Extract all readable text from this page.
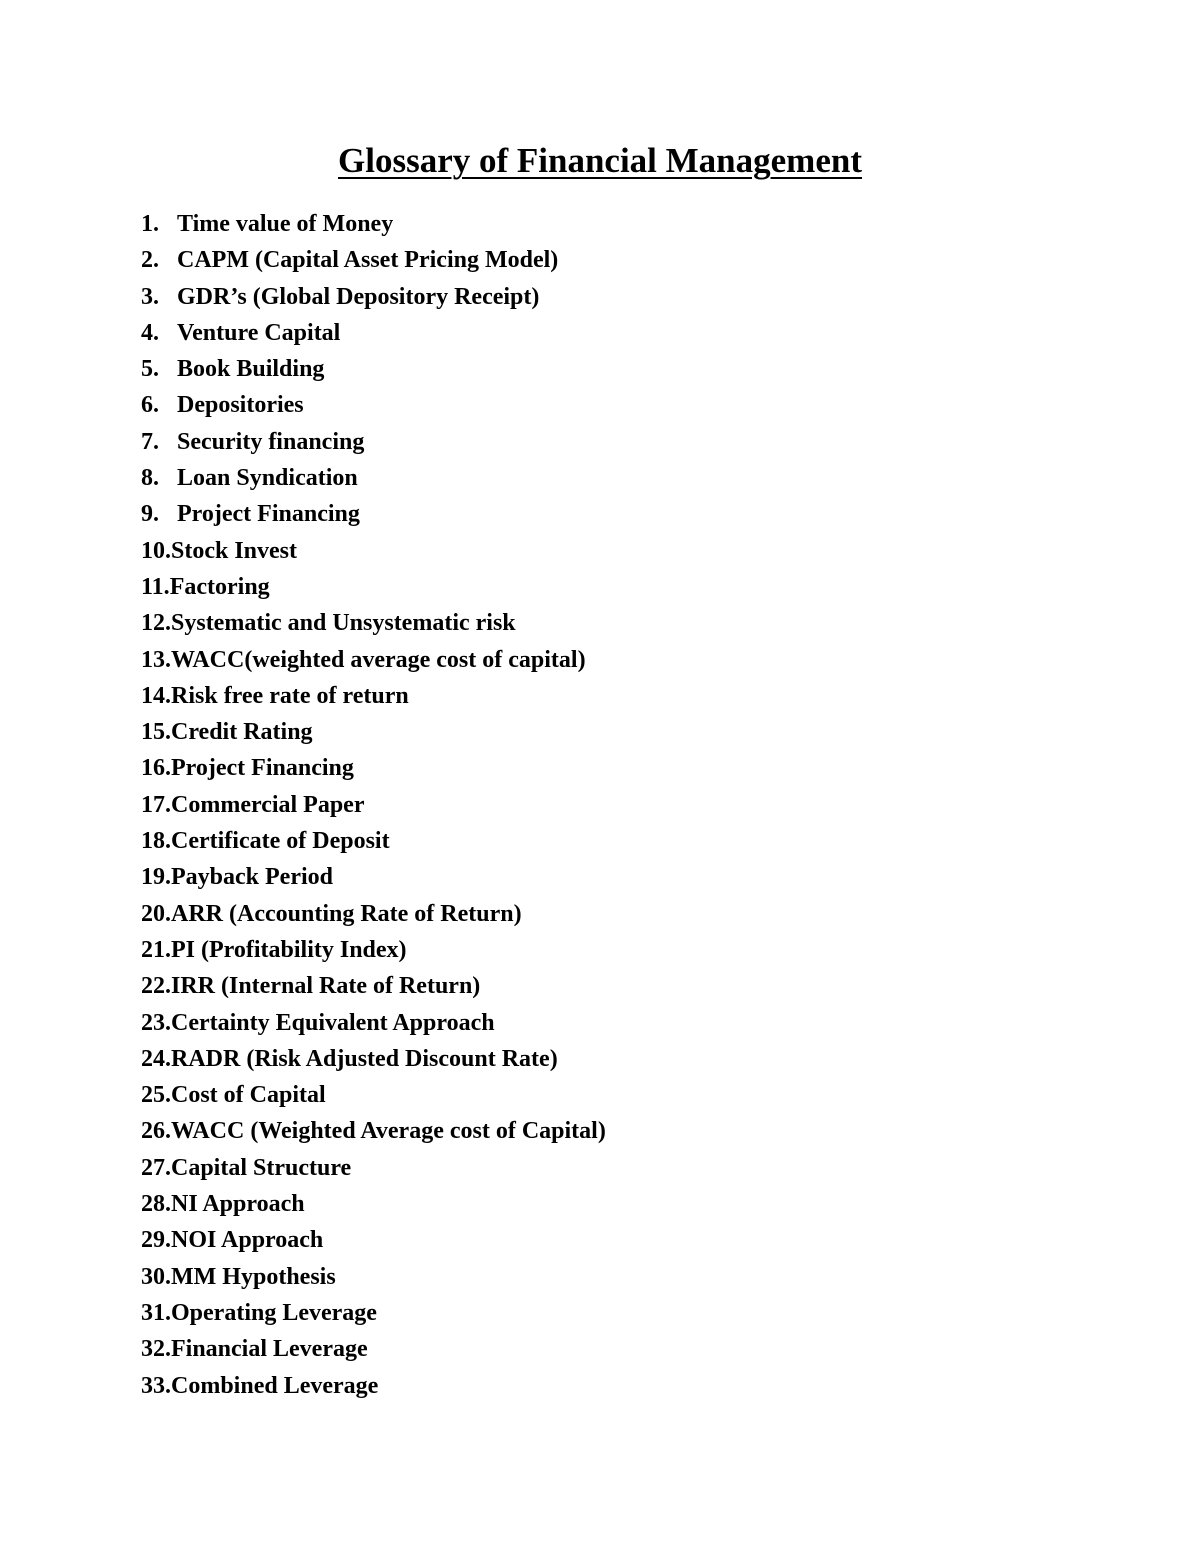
Glossary of Financial Management
1. Time value of Money
2. CAPM (Capital Asset Pricing Model)
3. GDR’s (Global Depository Receipt)
4. Venture Capital
5. Book Building
6. Depositories
7. Security financing
8. Loan Syndication
9. Project Financing
10. Stock Invest
11. Factoring
12. Systematic and Unsystematic risk
13. WACC(weighted average cost of capital)
14. Risk free rate of return
15. Credit Rating
16. Project Financing
17. Commercial Paper
18. Certificate of Deposit
19. Payback Period
20. ARR (Accounting Rate of Return)
21. PI (Profitability Index)
22. IRR (Internal Rate of Return)
23. Certainty Equivalent Approach
24. RADR (Risk Adjusted Discount Rate)
25. Cost of Capital
26. WACC (Weighted Average cost of Capital)
27. Capital Structure
28. NI Approach
29. NOI Approach
30. MM Hypothesis
31. Operating Leverage
32. Financial Leverage
33. Combined Leverage
